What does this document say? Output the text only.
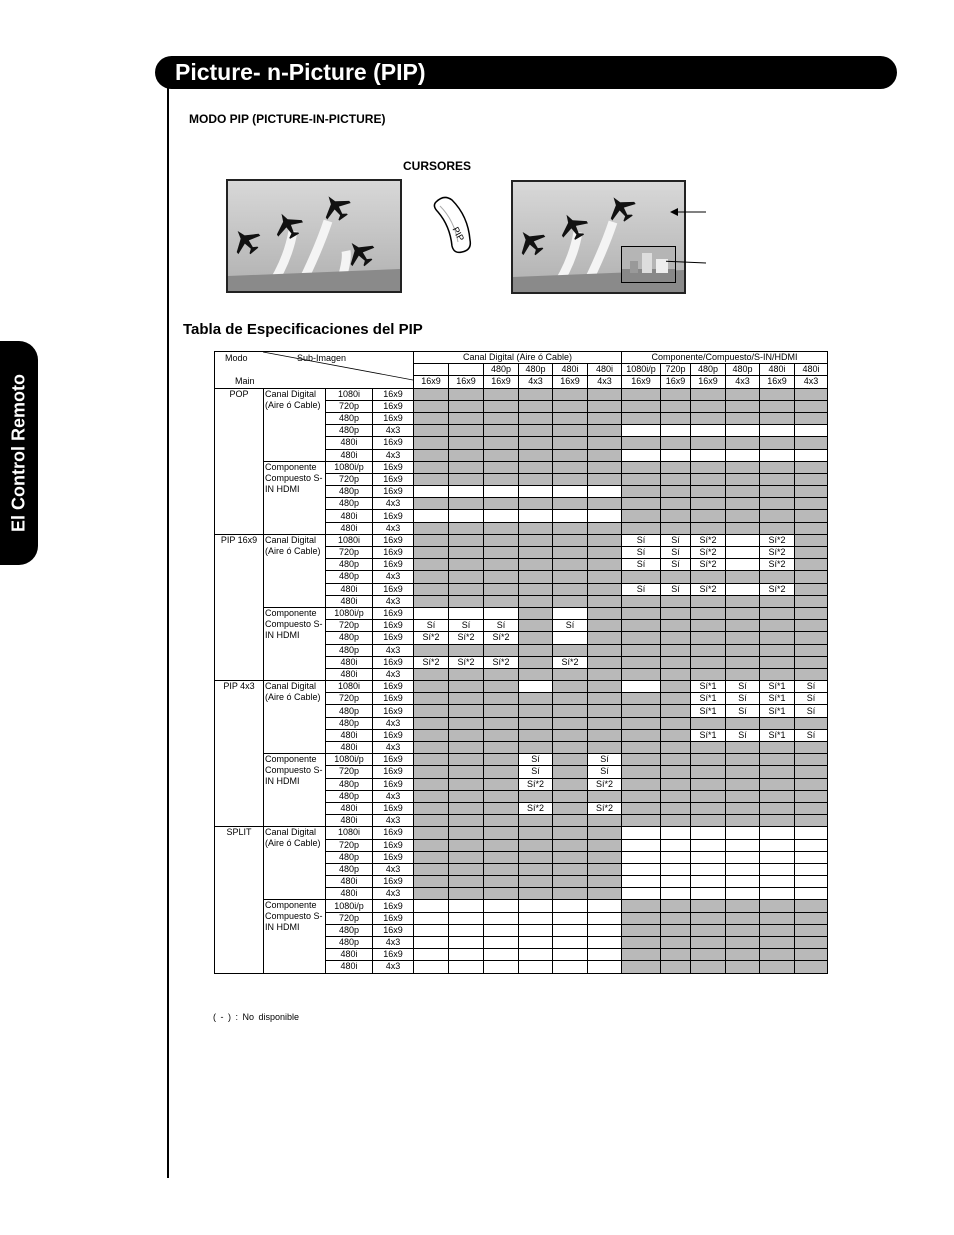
Picture- n-Picture (PIP)
El Control Remoto
MODO PIP (PICTURE-IN-PICTURE)
CURSORES
PIP
Tabla de Especificaciones del PIP
Modo Sub-Imagen
Main				Canal Digital (Aire ó Cable)						Componente/Compuesto/S-IN/HDMI					
						480p	480p	480i	480i	1080i/p	720p	480p	480p	480i	480i
				16x9	16x9	16x9	4x3	16x9	4x3	16x9	16x9	16x9	4x3	16x9	4x3
POP	Canal Digital (Aire ó Cable)	1080i	16x9												
		720p	16x9												
		480p	16x9												
		480p	4x3												
		480i	16x9												
		480i	4x3												
	Componente Compuesto S-IN HDMI	1080i/p	16x9												
		720p	16x9												
		480p	16x9												
		480p	4x3												
		480i	16x9												
		480i	4x3												
PIP 16x9	Canal Digital (Aire ó Cable)	1080i	16x9							Sí	Sí	Sí*2		Sí*2	
		720p	16x9							Sí	Sí	Sí*2		Sí*2	
		480p	16x9							Sí	Sí	Sí*2		Sí*2	
		480p	4x3												
		480i	16x9							Sí	Sí	Sí*2		Sí*2	
		480i	4x3												
	Componente Compuesto S-IN HDMI	1080i/p	16x9												
		720p	16x9	Sí	Sí	Sí		Sí							
		480p	16x9	Sí*2	Sí*2	Sí*2									
		480p	4x3												
		480i	16x9	Sí*2	Sí*2	Sí*2		Sí*2							
		480i	4x3												
PIP 4x3	Canal Digital (Aire ó Cable)	1080i	16x9									Sí*1	Sí	Sí*1	Sí
		720p	16x9									Sí*1	Sí	Sí*1	Sí
		480p	16x9									Sí*1	Sí	Sí*1	Sí
		480p	4x3												
		480i	16x9									Sí*1	Sí	Sí*1	Sí
		480i	4x3												
	Componente Compuesto S-IN HDMI	1080i/p	16x9				Sí		Sí						
		720p	16x9				Sí		Sí						
		480p	16x9				Sí*2		Sí*2						
		480p	4x3												
		480i	16x9				Sí*2		Sí*2						
		480i	4x3												
SPLIT	Canal Digital (Aire ó Cable)	1080i	16x9												
		720p	16x9												
		480p	16x9												
		480p	4x3												
		480i	16x9												
		480i	4x3												
	Componente Compuesto S-IN HDMI	1080i/p	16x9												
		720p	16x9												
		480p	16x9												
		480p	4x3												
		480i	16x9												
		480i	4x3												
( - ) : No disponible
